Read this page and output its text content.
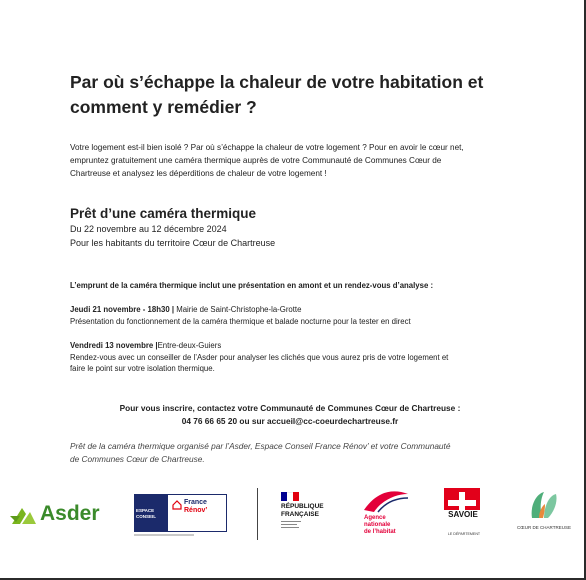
Par où s’échappe la chaleur de votre habitation et
comment y remédier ?
Votre logement est-il bien isolé ? Par où s’échappe la chaleur de votre logement ? Pour en avoir le cœur net,
empruntez gratuitement une caméra thermique auprès de votre Communauté de Communes Cœur de
Chartreuse et analysez les déperditions de chaleur de votre logement !
Prêt d’une caméra thermique
Du 22 novembre au 12 décembre 2024
Pour les habitants du territoire Cœur de Chartreuse
L’emprunt de la caméra thermique inclut une présentation en amont et un rendez-vous d’analyse :
Jeudi 21 novembre - 18h30 | Mairie de Saint-Christophe-la-Grotte
Présentation du fonctionnement de la caméra thermique et balade nocturne pour la tester en direct
Vendredi 13 novembre |Entre-deux-Guiers
Rendez-vous avec un conseiller de l’Asder pour analyser les clichés que vous aurez pris de votre logement et
faire le point sur votre isolation thermique.
Pour vous inscrire, contactez votre Communauté de Communes Cœur de Chartreuse :
04 76 66 65 20 ou sur accueil@cc-coeurdechartreuse.fr
Prêt de la caméra thermique organisé par l’Asder, Espace Conseil France Rénov’ et votre Communauté
de Communes Cœur de Chartreuse.
Asder	ESPACE
CONSEIL
France
Rénov’
RÉPUBLIQUE
FRANÇAISE
Agence
nationale
de l’habitat
SAVOIE
LE DÉPARTEMENT
CŒUR DE CHARTREUSE
